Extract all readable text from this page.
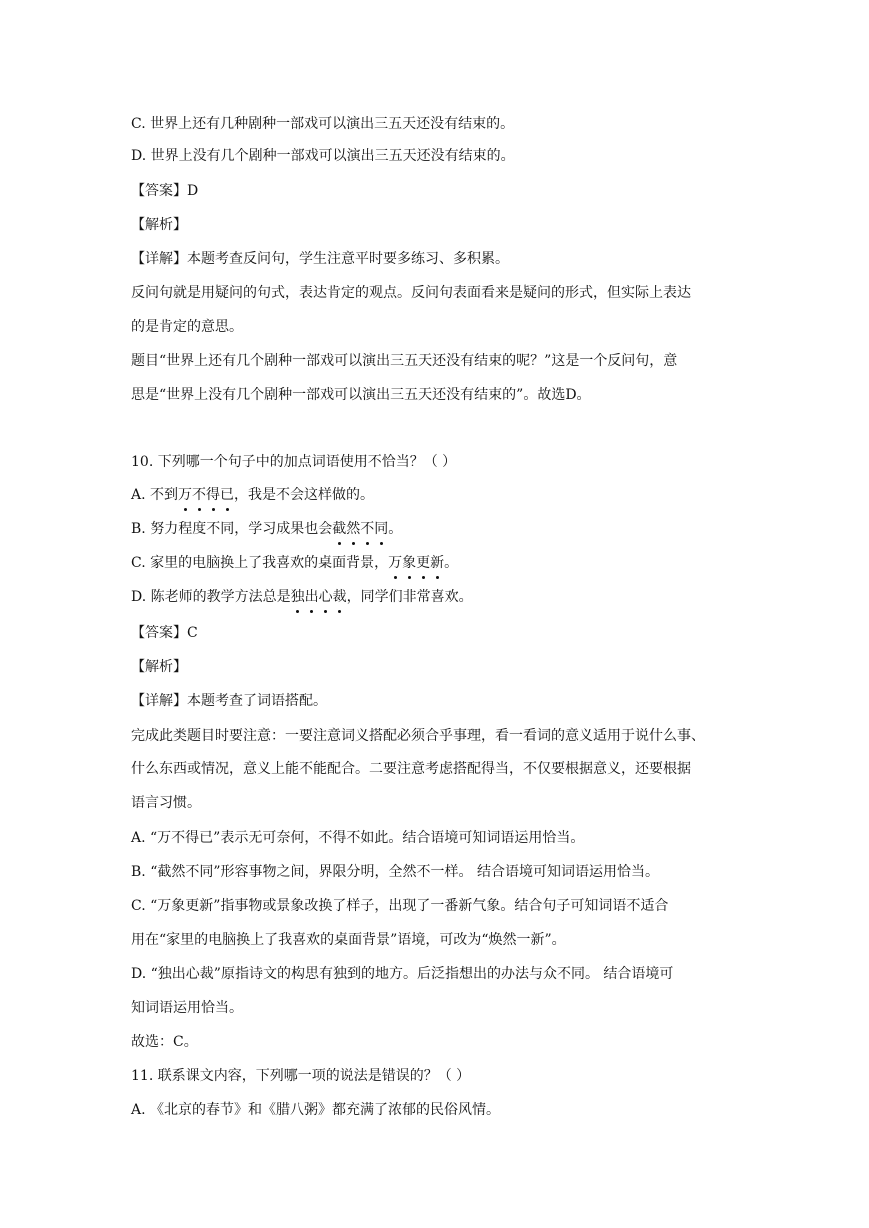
C. 世界上还有几种剧种一部戏可以演出三五天还没有结束的。
D. 世界上没有几个剧种一部戏可以演出三五天还没有结束的。
【答案】D
【解析】
【详解】本题考查反问句，学生注意平时要多练习、多积累。
反问句就是用疑问的句式，表达肯定的观点。反问句表面看来是疑问的形式，但实际上表达
的是肯定的意思。
题目“世界上还有几个剧种一部戏可以演出三五天还没有结束的呢？”这是一个反问句，意
思是“世界上没有几个剧种一部戏可以演出三五天还没有结束的”。故选D。
10. 下列哪一个句子中的加点词语使用不恰当？（ ）
A. 不到万不得已，我是不会这样做的。
B. 努力程度不同，学习成果也会截然不同。
C. 家里的电脑换上了我喜欢的桌面背景，万象更新。
D. 陈老师的教学方法总是独出心裁，同学们非常喜欢。
【答案】C
【解析】
【详解】本题考查了词语搭配。
完成此类题目时要注意：一要注意词义搭配必须合乎事理，看一看词的意义适用于说什么事、
什么东西或情况，意义上能不能配合。二要注意考虑搭配得当，不仅要根据意义，还要根据
语言习惯。
A. “万不得已”表示无可奈何，不得不如此。结合语境可知词语运用恰当。
B. “截然不同”形容事物之间，界限分明，全然不一样。 结合语境可知词语运用恰当。
C. “万象更新”指事物或景象改换了样子，出现了一番新气象。结合句子可知词语不适合
用在“家里的电脑换上了我喜欢的桌面背景”语境，可改为“焕然一新”。
D. “独出心裁”原指诗文的构思有独到的地方。后泛指想出的办法与众不同。 结合语境可
知词语运用恰当。
故选：C。
11. 联系课文内容，下列哪一项的说法是错误的？（ ）
A. 《北京的春节》和《腊八粥》都充满了浓郁的民俗风情。
